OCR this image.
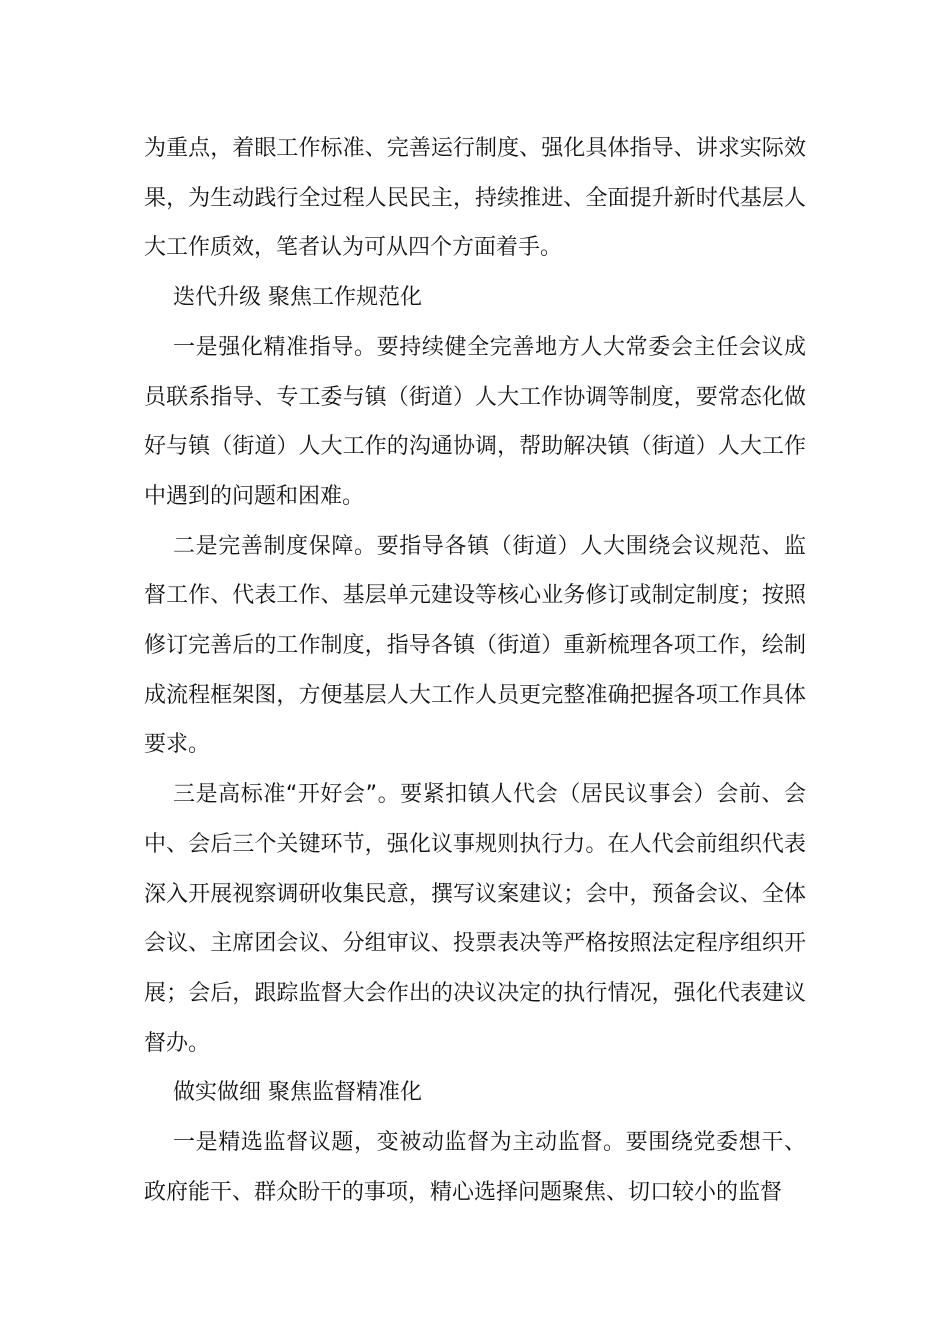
为重点，着眼工作标准、完善运行制度、强化具体指导、讲求实际效果，为生动践行全过程人民民主，持续推进、全面提升新时代基层人大工作质效，笔者认为可从四个方面着手。

迭代升级 聚焦工作规范化

一是强化精准指导。要持续健全完善地方人大常委会主任会议成员联系指导、专工委与镇（街道）人大工作协调等制度，要常态化做好与镇（街道）人大工作的沟通协调，帮助解决镇（街道）人大工作中遇到的问题和困难。

二是完善制度保障。要指导各镇（街道）人大围绕会议规范、监督工作、代表工作、基层单元建设等核心业务修订或制定制度；按照修订完善后的工作制度，指导各镇（街道）重新梳理各项工作，绘制成流程框架图，方便基层人大工作人员更完整准确把握各项工作具体要求。

三是高标准“开好会”。要紧扣镇人代会（居民议事会）会前、会中、会后三个关键环节，强化议事规则执行力。在人代会前组织代表深入开展视察调研收集民意，撰写议案建议；会中，预备会议、全体会议、主席团会议、分组审议、投票表决等严格按照法定程序组织开展；会后，跟踪监督大会作出的决议决定的执行情况，强化代表建议督办。

做实做细 聚焦监督精准化

一是精选监督议题，变被动监督为主动监督。要围绕党委想干、政府能干、群众盼干的事项，精心选择问题聚焦、切口较小的监督
